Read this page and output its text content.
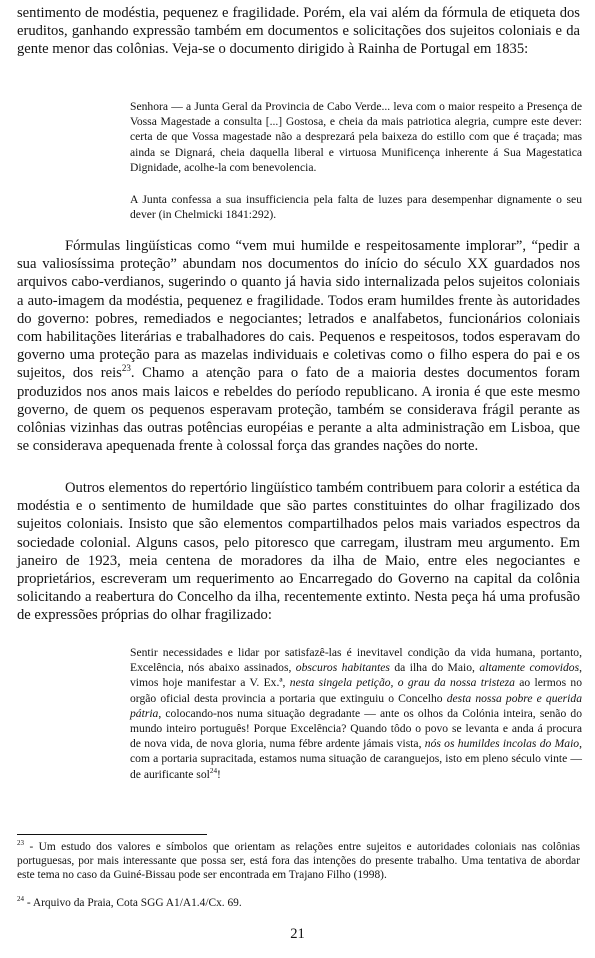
sentimento de modéstia, pequenez e fragilidade. Porém, ela vai além da fórmula de etiqueta dos eruditos, ganhando expressão também em documentos e solicitações dos sujeitos coloniais e da gente menor das colônias. Veja-se o documento dirigido à Rainha de Portugal em 1835:

Senhora — a Junta Geral da Provincia de Cabo Verde... leva com o maior respeito a Presença de Vossa Magestade a consulta [...] Gostosa, e cheia da mais patriotica alegria, cumpre este dever: certa de que Vossa magestade não a desprezará pela baixeza do estillo com que é traçada; mas ainda se Dignará, cheia daquella liberal e virtuosa Munificença inherente á Sua Magestatica Dignidade, acolhe-la com benevolencia.

A Junta confessa a sua insufficiencia pela falta de luzes para desempenhar dignamente o seu dever (in Chelmicki 1841:292).

Fórmulas lingüísticas como “vem mui humilde e respeitosamente implorar”, “pedir a sua valiosíssima proteção” abundam nos documentos do início do século XX guardados nos arquivos cabo-verdianos, sugerindo o quanto já havia sido internalizada pelos sujeitos coloniais a auto-imagem da modéstia, pequenez e fragilidade. Todos eram humildes frente às autoridades do governo: pobres, remediados e negociantes; letrados e analfabetos, funcionários coloniais com habilitações literárias e trabalhadores do cais. Pequenos e respeitosos, todos esperavam do governo uma proteção para as mazelas individuais e coletivas como o filho espera do pai e os sujeitos, dos reis$^{23}$. Chamo a atenção para o fato de a maioria destes documentos foram produzidos nos anos mais laicos e rebeldes do período republicano. A ironia é que este mesmo governo, de quem os pequenos esperavam proteção, também se considerava frágil perante as colônias vizinhas das outras potências européias e perante a alta administração em Lisboa, que se considerava apequenada frente à colossal força das grandes nações do norte.

Outros elementos do repertório lingüístico também contribuem para colorir a estética da modéstia e o sentimento de humildade que são partes constituintes do olhar fragilizado dos sujeitos coloniais. Insisto que são elementos compartilhados pelos mais variados espectros da sociedade colonial. Alguns casos, pelo pitoresco que carregam, ilustram meu argumento. Em janeiro de 1923, meia centena de moradores da ilha de Maio, entre eles negociantes e proprietários, escreveram um requerimento ao Encarregado do Governo na capital da colônia solicitando a reabertura do Concelho da ilha, recentemente extinto. Nesta peça há uma profusão de expressões próprias do olhar fragilizado:

Sentir necessidades e lidar por satisfazê-las é inevitavel condição da vida humana, portanto, Excelência, nós abaixo assinados, obscuros habitantes da ilha do Maio, altamente comovidos, vimos hoje manifestar a V. Ex.ª, nesta singela petição, o grau da nossa tristeza ao lermos no orgão oficial desta provincia a portaria que extinguiu o Concelho desta nossa pobre e querida pátria, colocando-nos numa situação degradante — ante os olhos da Colónia inteira, senão do mundo inteiro português! Porque Excelência? Quando tôdo o povo se levanta e anda á procura de nova vida, de nova gloria, numa fébre ardente jámais vista, nós os humildes incolas do Maio, com a portaria supracitada, estamos numa situação de caranguejos, isto em pleno século vinte — de aurificante sol$^{24}$!

$^{23}$ - Um estudo dos valores e símbolos que orientam as relações entre sujeitos e autoridades coloniais nas colônias portuguesas, por mais interessante que possa ser, está fora das intenções do presente trabalho. Uma tentativa de abordar este tema no caso da Guiné-Bissau pode ser encontrada em Trajano Filho (1998).

$^{24}$ - Arquivo da Praia, Cota SGG A1/A1.4/Cx. 69.

21
